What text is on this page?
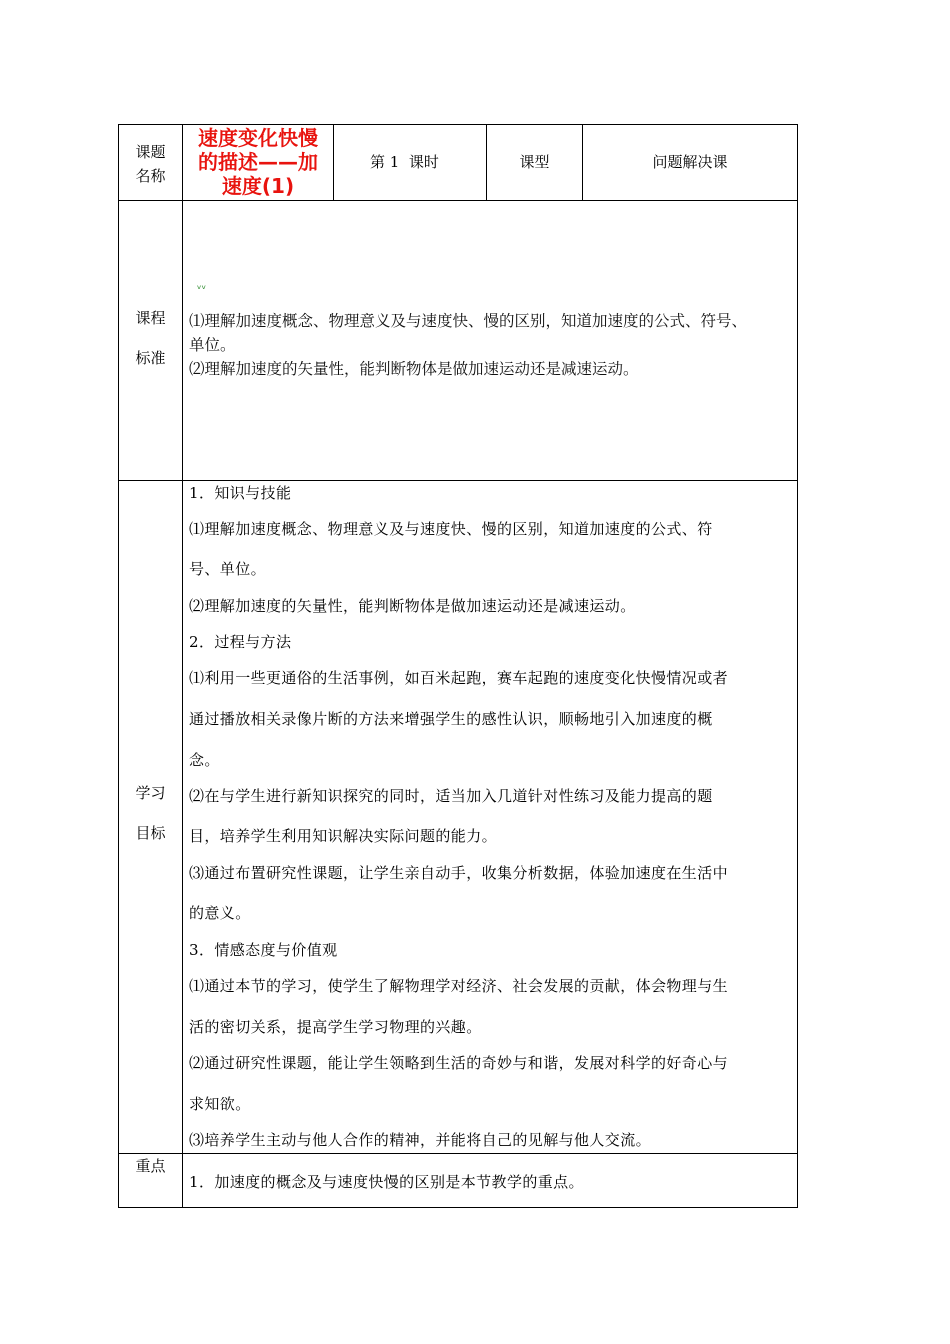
课题
名称
速度变化快慢
的描述——加
速度(1)
第 1  课时	课型	问题解决课
课程
标准
ᵥᵥ
⑴理解加速度概念、物理意义及与速度快、慢的区别，知道加速度的公式、符号、
单位。
⑵理解加速度的矢量性，能判断物体是做加速运动还是减速运动。
学习
目标
1．知识与技能
⑴理解加速度概念、物理意义及与速度快、慢的区别，知道加速度的公式、符
号、单位。
⑵理解加速度的矢量性，能判断物体是做加速运动还是减速运动。
2．过程与方法
⑴利用一些更通俗的生活事例，如百米起跑，赛车起跑的速度变化快慢情况或者
通过播放相关录像片断的方法来增强学生的感性认识，顺畅地引入加速度的概
念。
⑵在与学生进行新知识探究的同时，适当加入几道针对性练习及能力提高的题
目，培养学生利用知识解决实际问题的能力。
⑶通过布置研究性课题，让学生亲自动手，收集分析数据，体验加速度在生活中
的意义。
3．情感态度与价值观
⑴通过本节的学习，使学生了解物理学对经济、社会发展的贡献，体会物理与生
活的密切关系，提高学生学习物理的兴趣。
⑵通过研究性课题，能让学生领略到生活的奇妙与和谐，发展对科学的好奇心与
求知欲。
⑶培养学生主动与他人合作的精神，并能将自己的见解与他人交流。
重点
1．加速度的概念及与速度快慢的区别是本节教学的重点。
